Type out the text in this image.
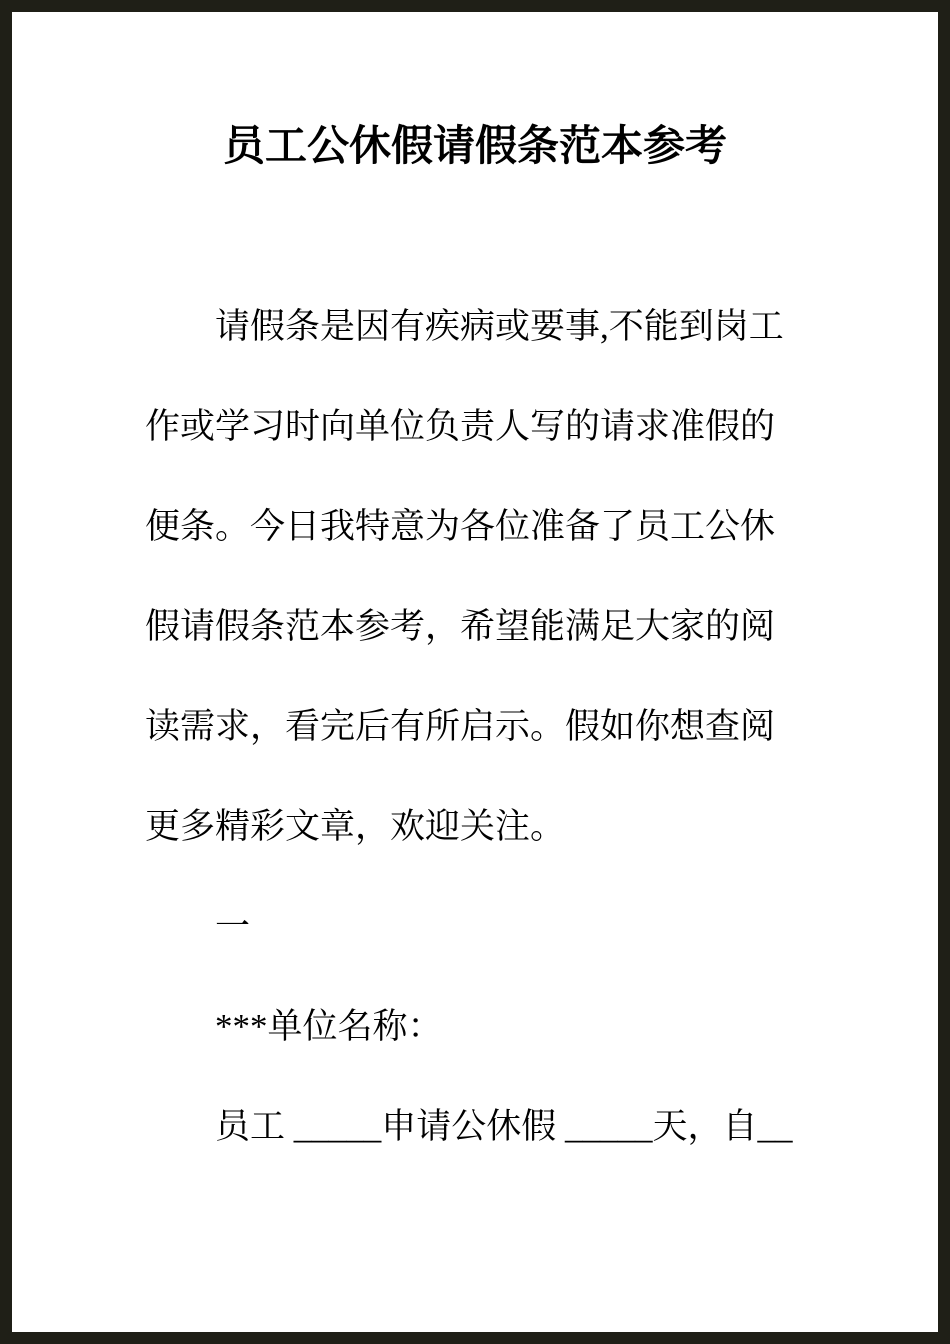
员工公休假请假条范本参考
请假条是因有疾病或要事,不能到岗工
作或学习时向单位负责人写的请求准假的
便条。今日我特意为各位准备了员工公休
假请假条范本参考，希望能满足大家的阅
读需求，看完后有所启示。假如你想查阅
更多精彩文章，欢迎关注。
一
***单位名称：
员工 _____申请公休假 _____天，自__
